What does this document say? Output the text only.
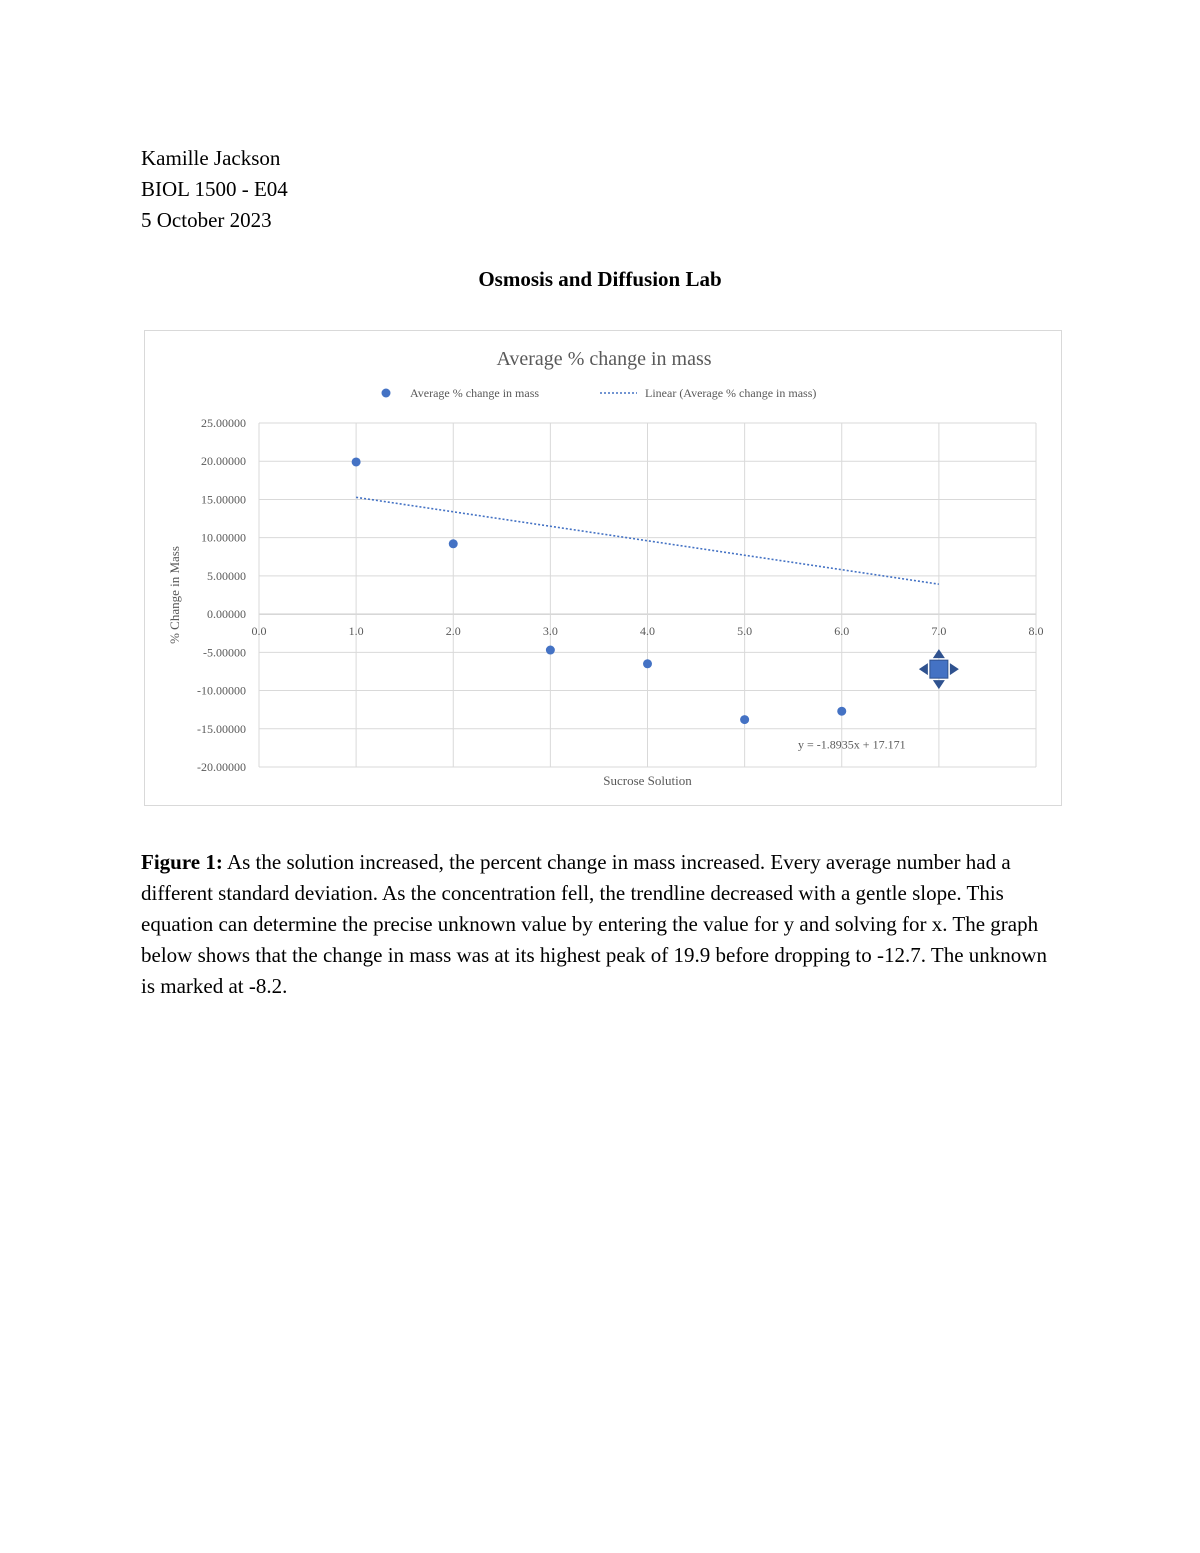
Kamille Jackson
BIOL 1500 - E04
5 October 2023
Osmosis and Diffusion Lab
Average % change in mass
Average % change in mass	Linear (Average % change in mass)
25.00000
20.00000
15.00000
10.00000
5.00000
0.00000
-5.00000
-10.00000
-15.00000
-20.00000
0.0	1.0	2.0	3.0	4.0	5.0	6.0	7.0	8.0
Sucrose Solution
% Change in Mass
y = -1.8935x + 17.171
Figure 1: As the solution increased, the percent change in mass increased. Every average number had a different standard deviation. As the concentration fell, the trendline decreased with a gentle slope. This equation can determine the precise unknown value by entering the value for y and solving for x. The graph below shows that the change in mass was at its highest peak of 19.9 before dropping to -12.7. The unknown is marked at -8.2.
